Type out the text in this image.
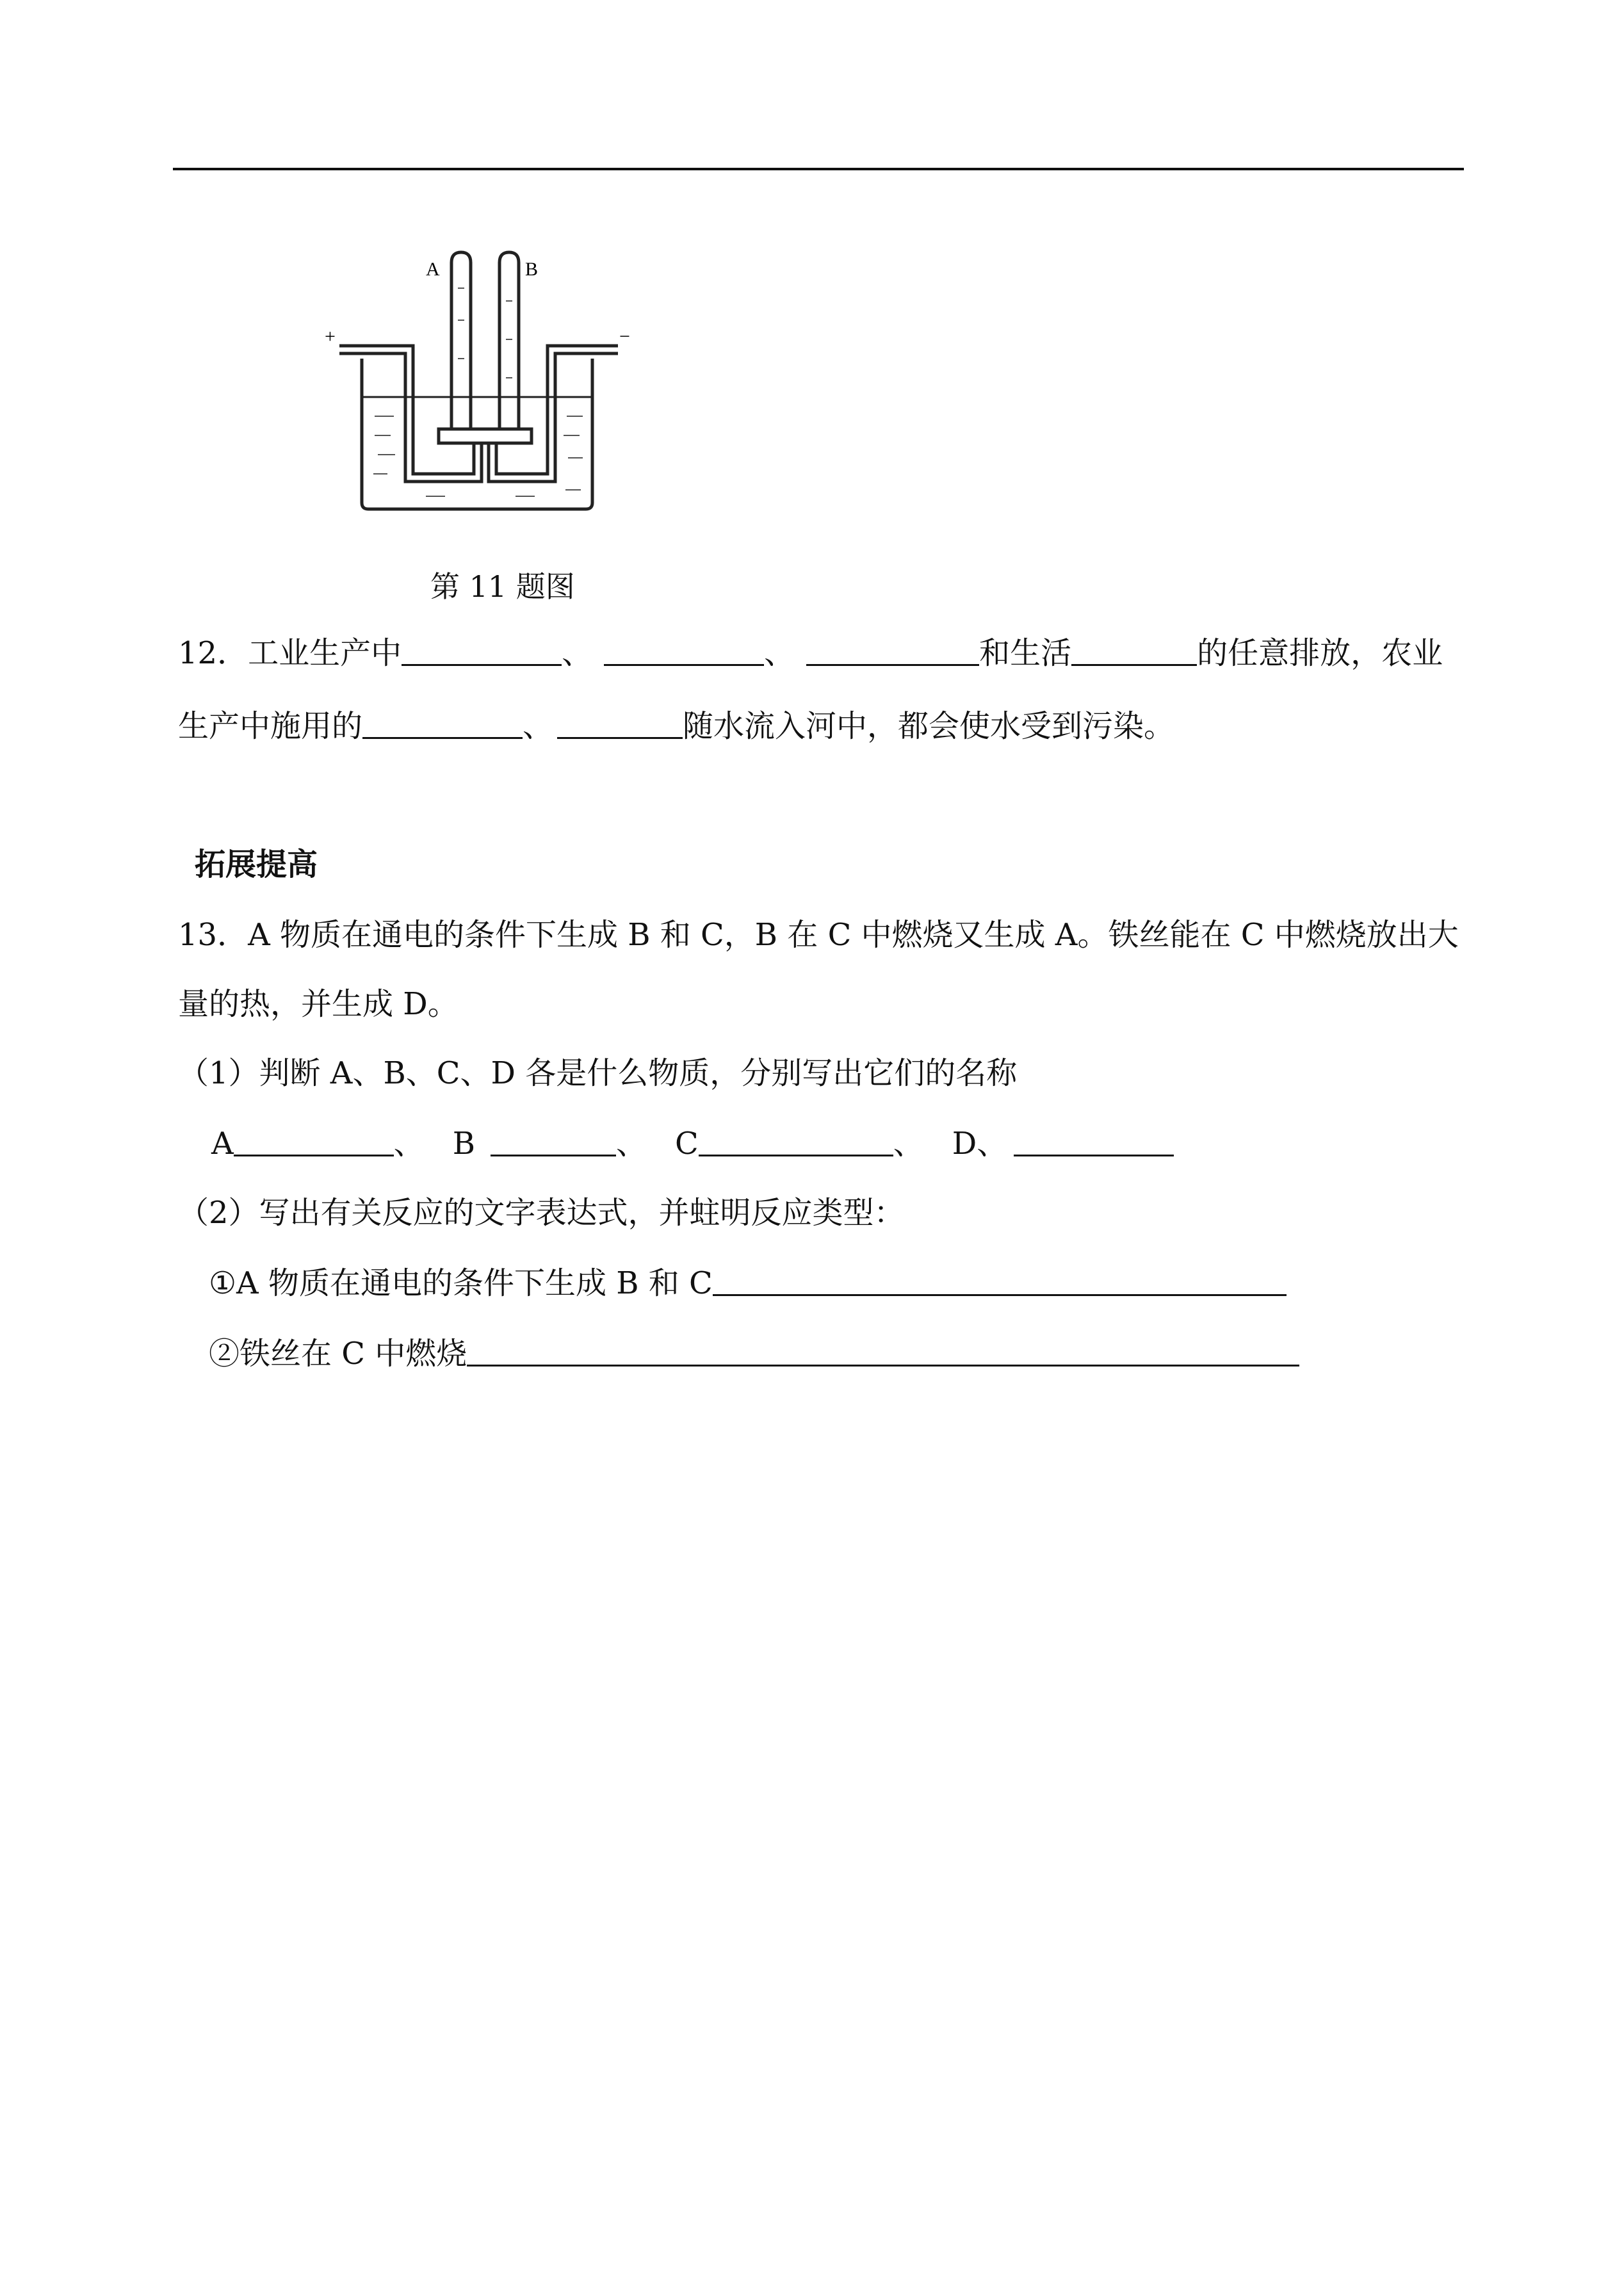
A	B
+	−
第 11 题图
12．工业生产中	、	、	和生活	的任意排放，农业
生产中施用的	、	随水流入河中，都会使水受到污染。
拓展提高
13．A 物质在通电的条件下生成 B 和 C，B 在 C 中燃烧又生成 A。铁丝能在 C 中燃烧放出大
量的热，并生成 D。
（1）判断 A、B、C、D 各是什么物质，分别写出它们的名称
A	、 B	、 C	、 D、
（2）写出有关反应的文字表达式，并蛀明反应类型：
①A 物质在通电的条件下生成 B 和 C
②铁丝在 C 中燃烧
